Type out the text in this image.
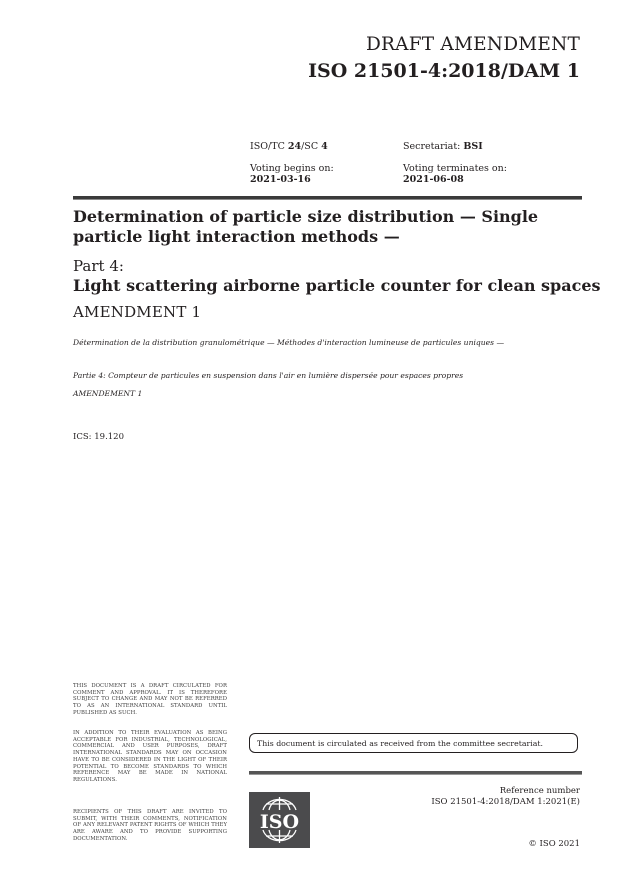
DRAFT AMENDMENT
ISO 21501-4:2018/DAM 1
ISO/TC 24/SC 4	Secretariat: BSI
Voting begins on:
2021-03-16
Voting terminates on:
2021-06-08
Determination of particle size distribution — Single particle light interaction methods —
Part 4:
Light scattering airborne particle counter for clean spaces
AMENDMENT 1
Détermination de la distribution granulométrique — Méthodes d'interaction lumineuse de particules uniques —
Partie 4: Compteur de particules en suspension dans l'air en lumière dispersée pour espaces propres
AMENDEMENT 1
ICS: 19.120
THIS DOCUMENT IS A DRAFT CIRCULATED FOR COMMENT AND APPROVAL. IT IS THEREFORE SUBJECT TO CHANGE AND MAY NOT BE REFERRED TO AS AN INTERNATIONAL STANDARD UNTIL PUBLISHED AS SUCH.
IN ADDITION TO THEIR EVALUATION AS BEING ACCEPTABLE FOR INDUSTRIAL, TECHNOLOGICAL, COMMERCIAL AND USER PURPOSES, DRAFT INTERNATIONAL STANDARDS MAY ON OCCASION HAVE TO BE CONSIDERED IN THE LIGHT OF THEIR POTENTIAL TO BECOME STANDARDS TO WHICH REFERENCE MAY BE MADE IN NATIONAL REGULATIONS.
RECIPIENTS OF THIS DRAFT ARE INVITED TO SUBMIT, WITH THEIR COMMENTS, NOTIFICATION OF ANY RELEVANT PATENT RIGHTS OF WHICH THEY ARE AWARE AND TO PROVIDE SUPPORTING DOCUMENTATION.
This document is circulated as received from the committee secretariat.
ISO
Reference number
ISO 21501-4:2018/DAM 1:2021(E)
© ISO 2021
